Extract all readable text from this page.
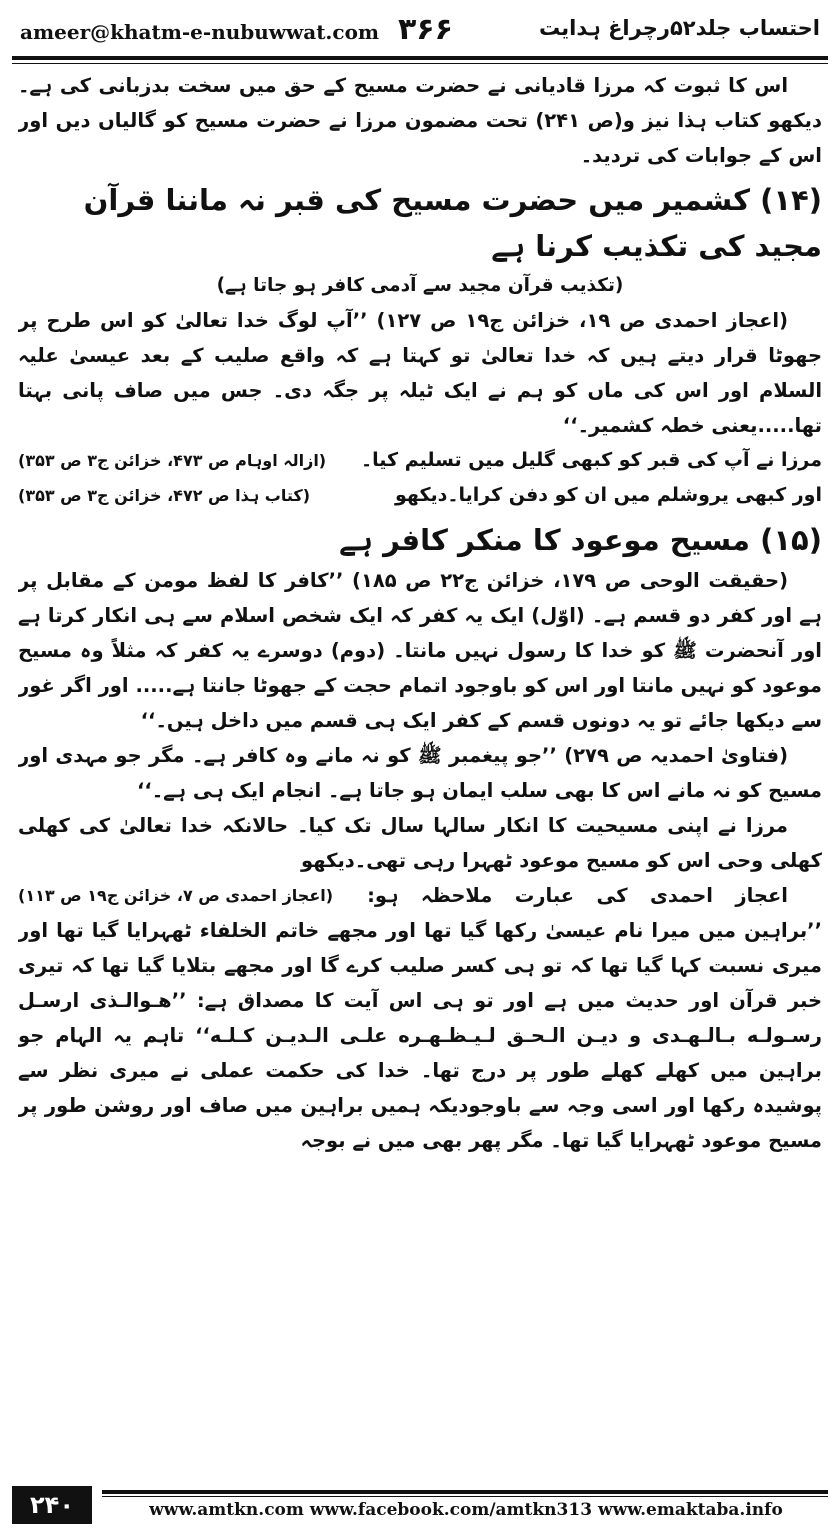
ameer@khatm-e-nubuwwat.com ۳۶۶	احتساب جلد۵۲رچراغ ہدایت

اس کا ثبوت کہ مرزا قادیانی نے حضرت مسیح کے حق میں سخت بدزبانی کی ہے۔دیکھو کتاب ہذا نیز و(ص ۲۴۱) تحت مضمون مرزا نے حضرت مسیح کو گالیاں دیں اور اس کے جوابات کی تردید۔

(۱۴) کشمیر میں حضرت مسیح کی قبر نہ ماننا قرآن مجید کی تکذیب کرنا ہے
(تکذیب قرآن مجید سے آدمی کافر ہو جاتا ہے)

(اعجاز احمدی ص ۱۹، خزائن ج۱۹ ص ۱۲۷) ’’آپ لوگ خدا تعالیٰ کو اس طرح پر جھوٹا قرار دیتے ہیں کہ خدا تعالیٰ تو کہتا ہے کہ واقع صلیب کے بعد عیسیٰ علیہ السلام اور اس کی ماں کو ہم نے ایک ٹیلہ پر جگہ دی۔ جس میں صاف پانی بہتا تھا.....یعنی خطہ کشمیر۔‘‘

مرزا نے آپ کی قبر کو کبھی گلیل میں تسلیم کیا۔
(ازالہ اوہام ص ۴۷۳، خزائن ج۳ ص ۳۵۳)
اور کبھی یروشلم میں ان کو دفن کرایا۔دیکھو
(کتاب ہذا ص ۴۷۲، خزائن ج۳ ص ۳۵۳)
(۱۵) مسیح موعود کا منکر کافر ہے

(حقیقت الوحی ص ۱۷۹، خزائن ج۲۲ ص ۱۸۵) ’’کافر کا لفظ مومن کے مقابل پر ہے اور کفر دو قسم ہے۔ (اوّل) ایک یہ کفر کہ ایک شخص اسلام سے ہی انکار کرتا ہے اور آنحضرت ﷺ کو خدا کا رسول نہیں مانتا۔ (دوم) دوسرے یہ کفر کہ مثلاً وہ مسیح موعود کو نہیں مانتا اور اس کو باوجود اتمام حجت کے جھوٹا جانتا ہے..... اور اگر غور سے دیکھا جائے تو یہ دونوں قسم کے کفر ایک ہی قسم میں داخل ہیں۔‘‘

(فتاویٰ احمدیہ ص ۲۷۹) ’’جو پیغمبر ﷺ کو نہ مانے وہ کافر ہے۔ مگر جو مہدی اور مسیح کو نہ مانے اس کا بھی سلب ایمان ہو جاتا ہے۔ انجام ایک ہی ہے۔‘‘

مرزا نے اپنی مسیحیت کا انکار سالہا سال تک کیا۔ حالانکہ خدا تعالیٰ کی کھلی کھلی وحی اس کو مسیح موعود ٹھہرا رہی تھی۔دیکھو
(اعجاز احمدی ص ۷، خزائن ج۱۹ ص ۱۱۳)	اعجاز احمدی کی عبارت ملاحظہ ہو: ’’براہین میں میرا نام عیسیٰ رکھا گیا تھا اور مجھے خاتم الخلفاء ٹھہرایا گیا تھا اور میری نسبت کہا گیا تھا کہ تو ہی کسر صلیب کرے گا اور مجھے بتلایا گیا تھا کہ تیری خبر قرآن اور حدیث میں ہے اور تو ہی اس آیت کا مصداق ہے: ’’ھـوالـذی ارسـل رسـولـه بـالـھـدی و دیـن الـحـق لـیـظـھـره علـی الـدیـن کـلـه‘‘ تاہم یہ الہام جو براہین میں کھلے کھلے طور پر درج تھا۔ خدا کی حکمت عملی نے میری نظر سے پوشیدہ رکھا اور اسی وجہ سے باوجودیکہ ہمیں براہین میں صاف اور روشن طور پر مسیح موعود ٹھہرایا گیا تھا۔ مگر پھر بھی میں نے بوجہ

۲۴۰	www.amtkn.com www.facebook.com/amtkn313 www.emaktaba.info
